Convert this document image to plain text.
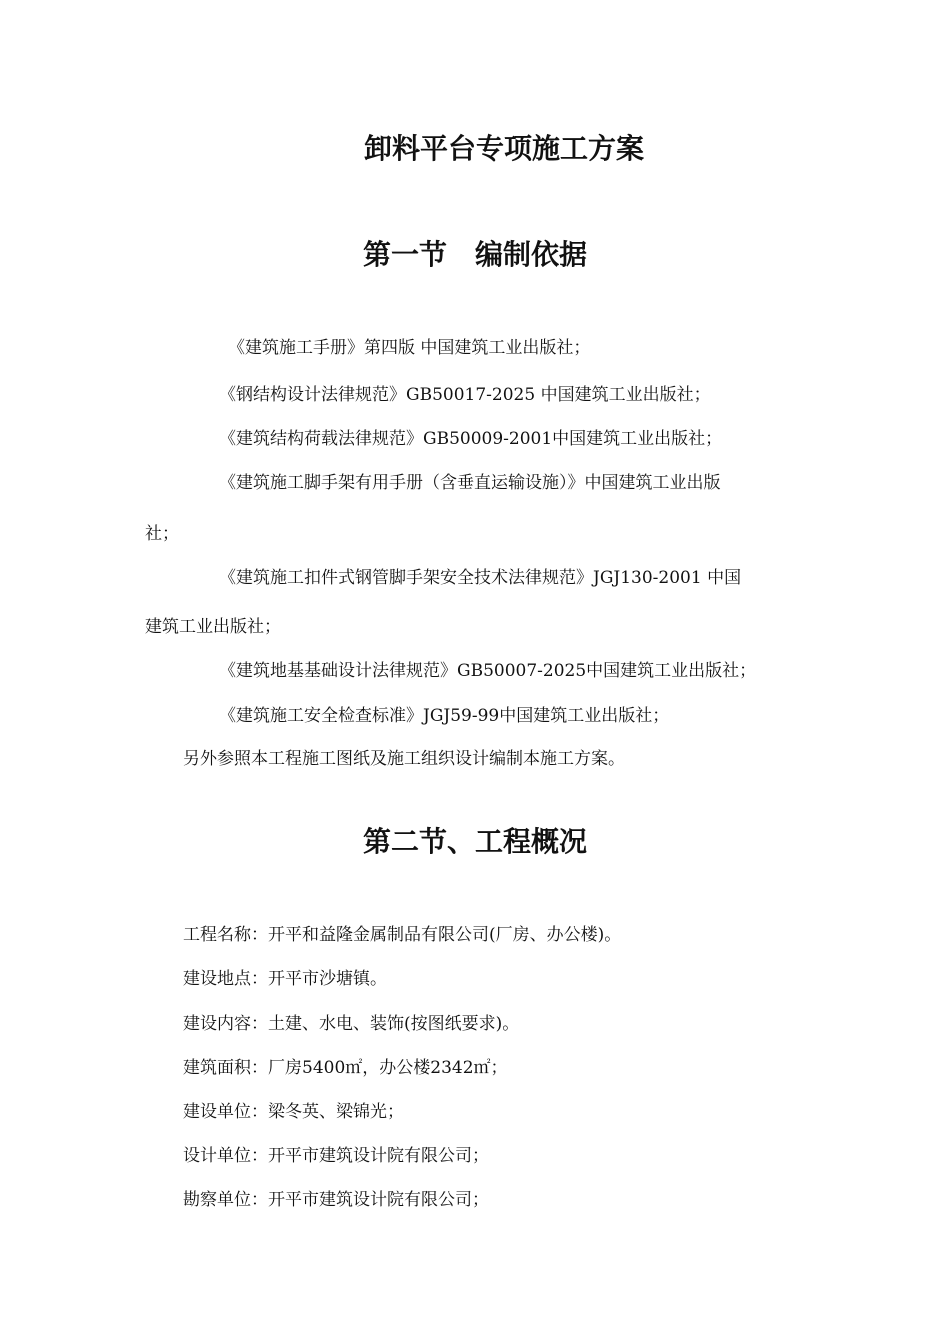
卸料平台专项施工方案
第一节　编制依据

《建筑施工手册》第四版 中国建筑工业出版社；

《钢结构设计法律规范》GB50017-2025 中国建筑工业出版社；

《建筑结构荷载法律规范》GB50009-2001中国建筑工业出版社；

《建筑施工脚手架有用手册（含垂直运输设施）》中国建筑工业出版

社；

《建筑施工扣件式钢管脚手架安全技术法律规范》JGJ130-2001 中国

建筑工业出版社；

《建筑地基基础设计法律规范》GB50007-2025中国建筑工业出版社；

《建筑施工安全检查标准》JGJ59-99中国建筑工业出版社；

另外参照本工程施工图纸及施工组织设计编制本施工方案。

第二节、工程概况

工程名称：开平和益隆金属制品有限公司(厂房、办公楼)。

建设地点：开平市沙塘镇。

建设内容：土建、水电、装饰(按图纸要求)。

建筑面积：厂房5400㎡，办公楼2342㎡；

建设单位：梁冬英、梁锦光；

设计单位：开平市建筑设计院有限公司；

勘察单位：开平市建筑设计院有限公司；
